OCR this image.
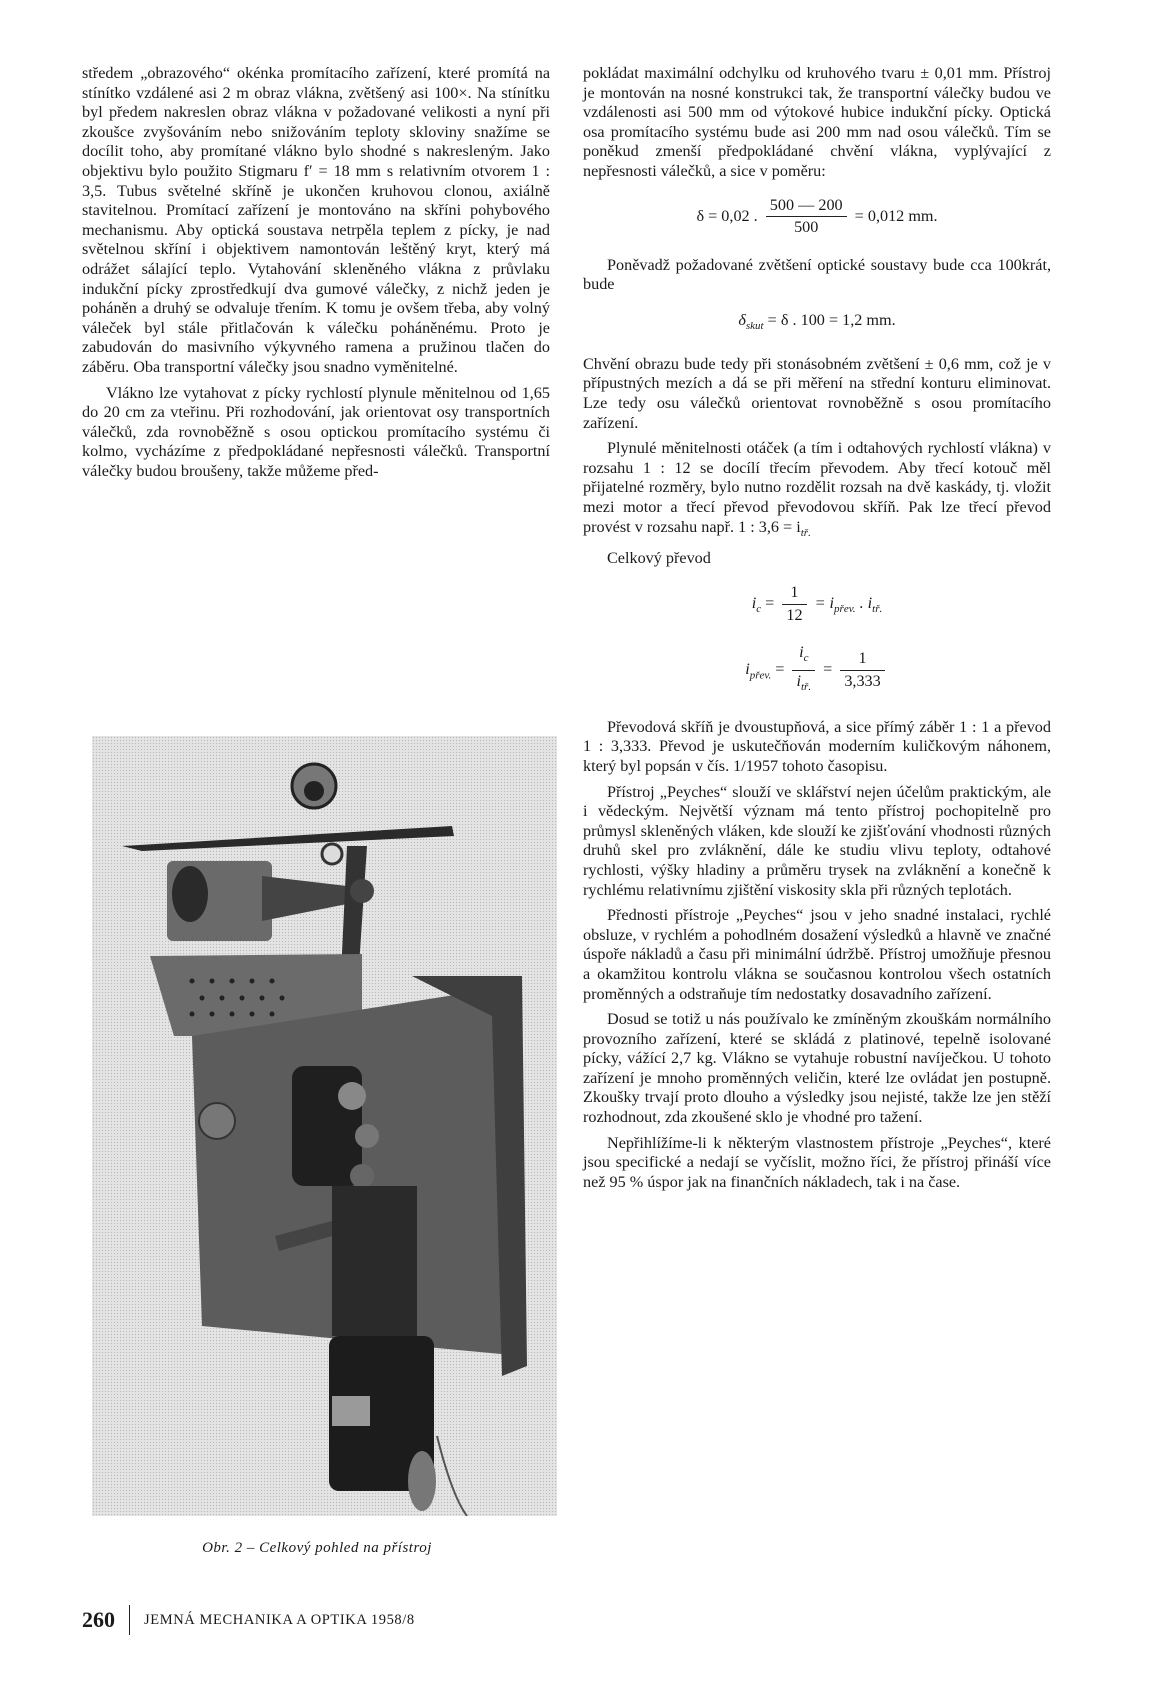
středem „obrazového“ okénka promítacího zařízení, které promítá na stínítko vzdálené asi 2 m obraz vlákna, zvětšený asi 100×. Na stínítku byl předem nakreslen obraz vlákna v požadované velikosti a nyní při zkoušce zvyšováním nebo snižováním teploty skloviny snažíme se docílit toho, aby promítané vlákno bylo shodné s nakresleným. Jako objektivu bylo použito Stigmaru f′ = 18 mm s relativním otvorem 1 : 3,5. Tubus světelné skříně je ukončen kruhovou clonou, axiálně stavitelnou. Promítací zařízení je montováno na skříni pohybového mechanismu. Aby optická soustava netrpěla teplem z pícky, je nad světelnou skříní i objektivem namontován leštěný kryt, který má odrážet sálající teplo. Vytahování skleněného vlákna z průvlaku indukční pícky zprostředkují dva gumové válečky, z nichž jeden je poháněn a druhý se odvaluje třením. K tomu je ovšem třeba, aby volný váleček byl stále přitlačován k válečku poháněnému. Proto je zabudován do masivního výkyvného ramena a pružinou tlačen do záběru. Oba transportní válečky jsou snadno vyměnitelné.

Vlákno lze vytahovat z pícky rychlostí plynule měnitelnou od 1,65 do 20 cm za vteřinu. Při rozhodování, jak orientovat osy transportních válečků, zda rovnoběžně s osou optickou promítacího systému či kolmo, vycházíme z předpokládané nepřesnosti válečků. Transportní válečky budou broušeny, takže můžeme před-

Obr. 2 – Celkový pohled na přístroj

pokládat maximální odchylku od kruhového tvaru ± 0,01 mm. Přístroj je montován na nosné konstrukci tak, že transportní válečky budou ve vzdálenosti asi 500 mm od výtokové hubice indukční pícky. Optická osa promítacího systému bude asi 200 mm nad osou válečků. Tím se poněkud zmenší předpokládané chvění vlákna, vyplývající z nepřesnosti válečků, a sice v poměru:

δ = 0,02 . $\frac{500 — 200}{500} = 0,012$ mm.

Poněvadž požadované zvětšení optické soustavy bude cca 100krát, bude

$\delta_{skut} = \delta$ . 100 = 1,2 mm.

Chvění obrazu bude tedy při stonásobném zvětšení ± 0,6 mm, což je v přípustných mezích a dá se při měření na střední konturu eliminovat. Lze tedy osu válečků orientovat rovnoběžně s osou promítacího zařízení.

Plynulé měnitelnosti otáček (a tím i odtahových rychlostí vlákna) v rozsahu 1 : 12 se docílí třecím převodem. Aby třecí kotouč měl přijatelné rozměry, bylo nutno rozdělit rozsah na dvě kaskády, tj. vložit mezi motor a třecí převod převodovou skříň. Pak lze třecí převod provést v rozsahu např. 1 : $3,6 = i_{tř.}$

Celkový převod

$i_c = \frac{1}{12} = i_{přev.}$ . $i_{tř.}$
$i_{přev.} = \frac{i_c}{i_{tř.}} = \frac{1}{3,333}$

Převodová skříň je dvoustupňová, a sice přímý záběr 1 : 1 a převod 1 : 3,333. Převod je uskutečňován moderním kuličkovým náhonem, který byl popsán v čís. 1/1957 tohoto časopisu.

Přístroj „Peyches“ slouží ve sklářství nejen účelům praktickým, ale i vědeckým. Největší význam má tento přístroj pochopitelně pro průmysl skleněných vláken, kde slouží ke zjišťování vhodnosti různých druhů skel pro zvláknění, dále ke studiu vlivu teploty, odtahové rychlosti, výšky hladiny a průměru trysek na zvláknění a konečně k rychlému relativnímu zjištění viskosity skla při různých teplotách.

Přednosti přístroje „Peyches“ jsou v jeho snadné instalaci, rychlé obsluze, v rychlém a pohodlném dosažení výsledků a hlavně ve značné úspoře nákladů a času při minimální údržbě. Přístroj umožňuje přesnou a okamžitou kontrolu vlákna se současnou kontrolou všech ostatních proměnných a odstraňuje tím nedostatky dosavadního zařízení.

Dosud se totiž u nás používalo ke zmíněným zkouškám normálního provozního zařízení, které se skládá z platinové, tepelně isolované pícky, vážící 2,7 kg. Vlákno se vytahuje robustní navíječkou. U tohoto zařízení je mnoho proměnných veličin, které lze ovládat jen postupně. Zkoušky trvají proto dlouho a výsledky jsou nejisté, takže lze jen stěží rozhodnout, zda zkoušené sklo je vhodné pro tažení.

Nepřihlížíme-li k některým vlastnostem přístroje „Peyches“, které jsou specifické a nedají se vyčíslit, možno říci, že přístroj přináší více než 95 % úspor jak na finančních nákladech, tak i na čase.

260 JEMNÁ MECHANIKA A OPTIKA 1958/8
